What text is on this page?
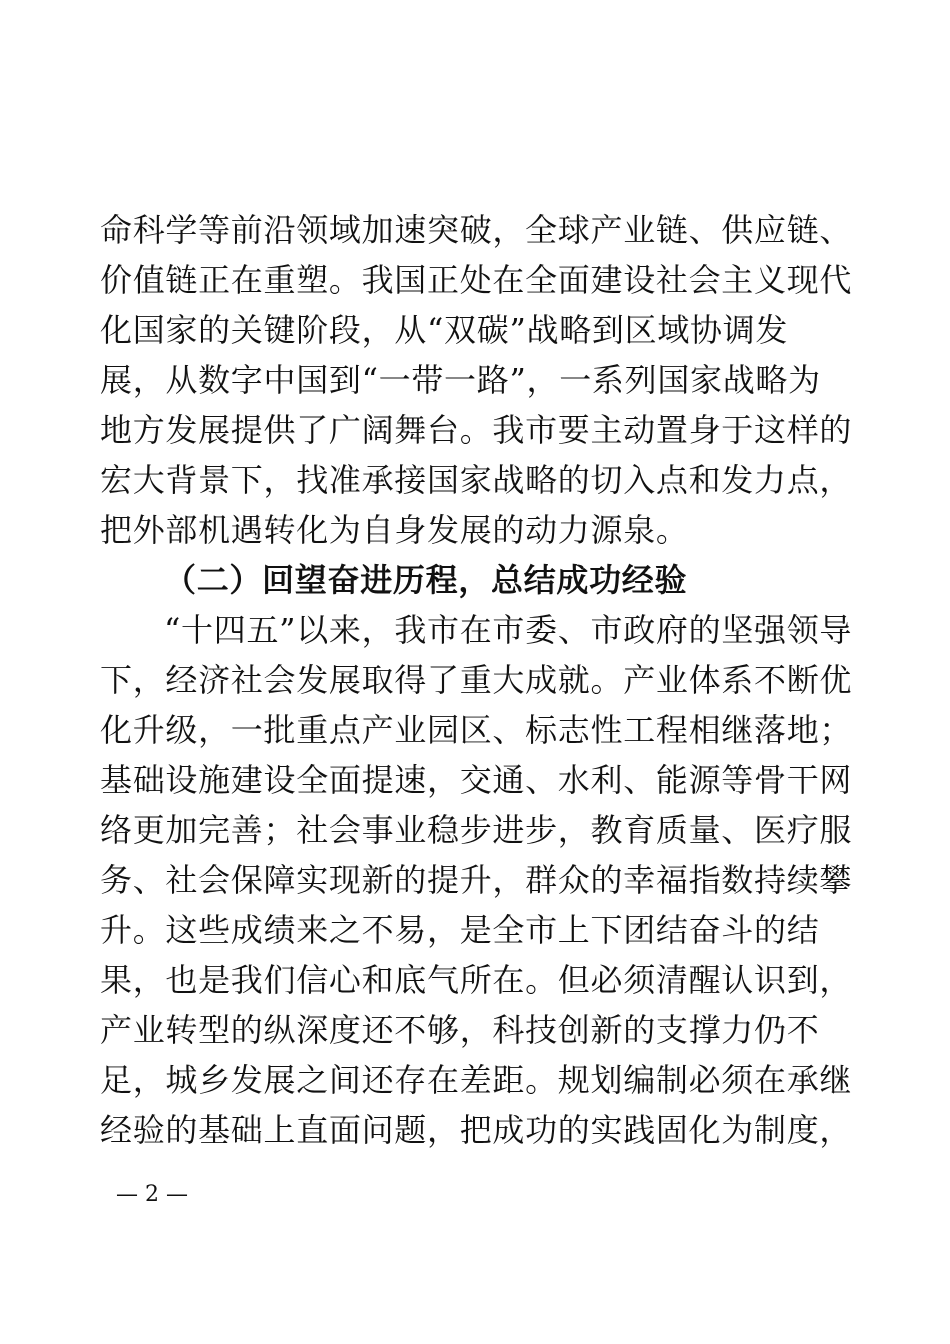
命科学等前沿领域加速突破，全球产业链、供应链、
价值链正在重塑。我国正处在全面建设社会主义现代
化国家的关键阶段，从“双碳”战略到区域协调发
展，从数字中国到“一带一路”，一系列国家战略为
地方发展提供了广阔舞台。我市要主动置身于这样的
宏大背景下，找准承接国家战略的切入点和发力点，
把外部机遇转化为自身发展的动力源泉。
（二）回望奋进历程，总结成功经验
“十四五”以来，我市在市委、市政府的坚强领导
下，经济社会发展取得了重大成就。产业体系不断优
化升级，一批重点产业园区、标志性工程相继落地；
基础设施建设全面提速，交通、水利、能源等骨干网
络更加完善；社会事业稳步进步，教育质量、医疗服
务、社会保障实现新的提升，群众的幸福指数持续攀
升。这些成绩来之不易，是全市上下团结奋斗的结
果，也是我们信心和底气所在。但必须清醒认识到，
产业转型的纵深度还不够，科技创新的支撑力仍不
足，城乡发展之间还存在差距。规划编制必须在承继
经验的基础上直面问题，把成功的实践固化为制度，
— 2 —
